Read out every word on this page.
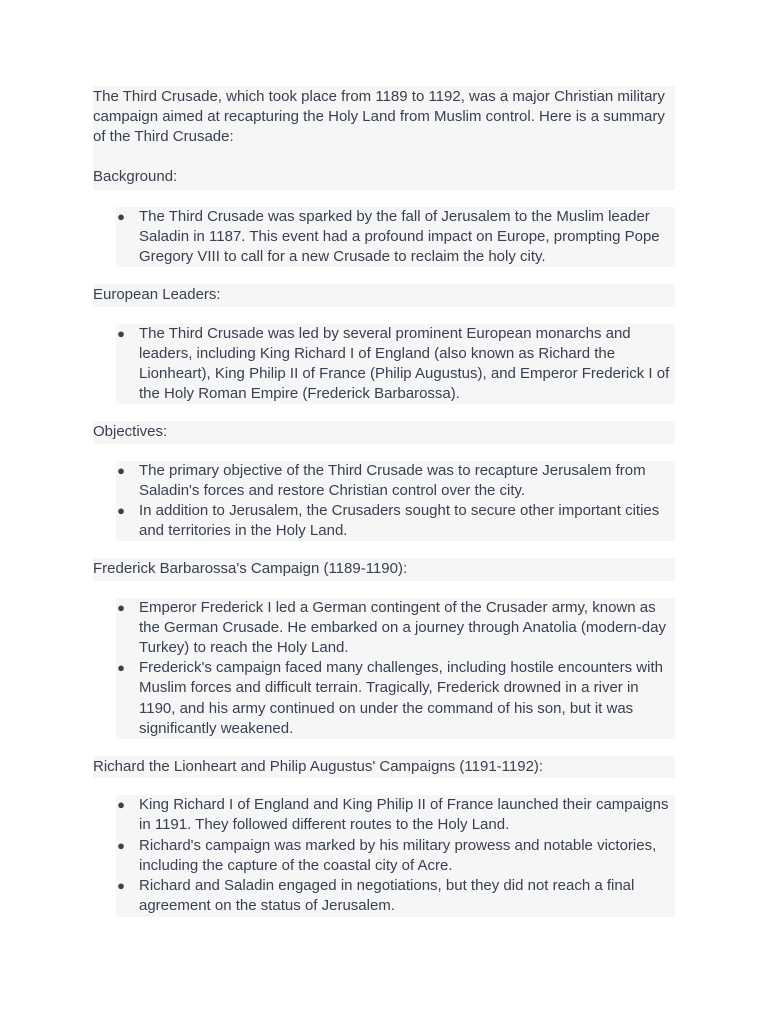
The Third Crusade, which took place from 1189 to 1192, was a major Christian military campaign aimed at recapturing the Holy Land from Muslim control. Here is a summary of the Third Crusade:

Background:

● The Third Crusade was sparked by the fall of Jerusalem to the Muslim leader Saladin in 1187. This event had a profound impact on Europe, prompting Pope Gregory VIII to call for a new Crusade to reclaim the holy city.
European Leaders:
● The Third Crusade was led by several prominent European monarchs and leaders, including King Richard I of England (also known as Richard the Lionheart), King Philip II of France (Philip Augustus), and Emperor Frederick I of the Holy Roman Empire (Frederick Barbarossa).
Objectives:
● The primary objective of the Third Crusade was to recapture Jerusalem from Saladin's forces and restore Christian control over the city.
● In addition to Jerusalem, the Crusaders sought to secure other important cities and territories in the Holy Land.
Frederick Barbarossa's Campaign (1189-1190):
● Emperor Frederick I led a German contingent of the Crusader army, known as the German Crusade. He embarked on a journey through Anatolia (modern-day Turkey) to reach the Holy Land.
● Frederick's campaign faced many challenges, including hostile encounters with Muslim forces and difficult terrain. Tragically, Frederick drowned in a river in 1190, and his army continued on under the command of his son, but it was significantly weakened.
Richard the Lionheart and Philip Augustus' Campaigns (1191-1192):
● King Richard I of England and King Philip II of France launched their campaigns in 1191. They followed different routes to the Holy Land.
● Richard's campaign was marked by his military prowess and notable victories, including the capture of the coastal city of Acre.
● Richard and Saladin engaged in negotiations, but they did not reach a final agreement on the status of Jerusalem.
